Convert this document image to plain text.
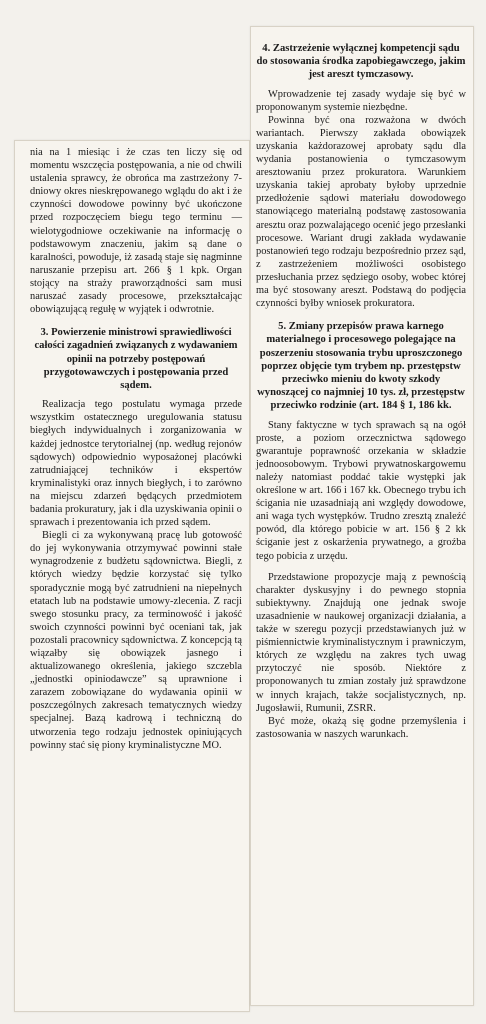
nia na 1 miesiąc i że czas ten liczy się od momentu wszczęcia postępowania, a nie od chwili ustalenia sprawcy, że obrońca ma zastrzeżony 7-dniowy okres nieskrępowanego wglądu do akt i że czynności dowodowe powinny być ukończone przed rozpoczęciem biegu tego terminu — wielotygodniowe oczekiwanie na informację o podstawowym znaczeniu, jakim są dane o karalności, powoduje, iż zasadą staje się nagminne naruszanie przepisu art. 266 § 1 kpk. Organ stojący na straży praworządności sam musi naruszać zasady procesowe, przekształcając obowiązującą regułę w wyjątek i odwrotnie.

3. Powierzenie ministrowi sprawiedliwości całości zagadnień związanych z wydawaniem opinii na potrzeby postępowań przygotowawczych i postępowania przed sądem.

Realizacja tego postulatu wymaga przede wszystkim ostatecznego uregulowania statusu biegłych indywidualnych i zorganizowania w każdej jednostce terytorialnej (np. według rejonów sądowych) odpowiednio wyposażonej placówki zatrudniającej techników i ekspertów kryminalistyki oraz innych biegłych, i to zarówno na miejscu zdarzeń będących przedmiotem badania prokuratury, jak i dla uzyskiwania opinii o sprawach i prezentowania ich przed sądem.

Biegli ci za wykonywaną pracę lub gotowość do jej wykonywania otrzymywać powinni stałe wynagrodzenie z budżetu sądownictwa. Biegli, z których wiedzy będzie korzystać się tylko sporadycznie mogą być zatrudnieni na niepełnych etatach lub na podstawie umowy-zlecenia. Z racji swego stosunku pracy, za terminowość i jakość swoich czynności powinni być oceniani tak, jak pozostali pracownicy sądownictwa. Z koncepcją tą wiązałby się obowiązek jasnego i aktualizowanego określenia, jakiego szczebla „jednostki opiniodawcze” są uprawnione i zarazem zobowiązane do wydawania opinii w poszczególnych zakresach tematycznych wiedzy specjalnej. Bazą kadrową i techniczną do utworzenia tego rodzaju jednostek opiniujących powinny stać się piony kryminalistyczne MO.

4. Zastrzeżenie wyłącznej kompetencji sądu do stosowania środka zapobiegawczego, jakim jest areszt tymczasowy.

Wprowadzenie tej zasady wydaje się być w proponowanym systemie niezbędne.

Powinna być ona rozważona w dwóch wariantach. Pierwszy zakłada obowiązek uzyskania każdorazowej aprobaty sądu dla wydania postanowienia o tymczasowym aresztowaniu przez prokuratora. Warunkiem uzyskania takiej aprobaty byłoby uprzednie przedłożenie sądowi materiału dowodowego stanowiącego materialną podstawę zastosowania aresztu oraz pozwalającego ocenić jego przesłanki procesowe. Wariant drugi zakłada wydawanie postanowień tego rodzaju bezpośrednio przez sąd, z zastrzeżeniem możliwości osobistego przesłuchania przez sędziego osoby, wobec której ma być stosowany areszt. Podstawą do podjęcia czynności byłby wniosek prokuratora.

5. Zmiany przepisów prawa karnego materialnego i procesowego polegające na poszerzeniu stosowania trybu uproszczonego poprzez objęcie tym trybem np. przestępstw przeciwko mieniu do kwoty szkody wynoszącej co najmniej 10 tys. zł, przestępstw przeciwko rodzinie (art. 184 § 1, 186 kk.

Stany faktyczne w tych sprawach są na ogół proste, a poziom orzecznictwa sądowego gwarantuje poprawność orzekania w składzie jednoosobowym. Trybowi prywatnoskargowemu należy natomiast poddać takie występki jak określone w art. 166 i 167 kk. Obecnego trybu ich ścigania nie uzasadniają ani względy dowodowe, ani waga tych występków. Trudno zresztą znaleźć powód, dla którego pobicie w art. 156 § 2 kk ściganie jest z oskarżenia prywatnego, a groźba tego pobicia z urzędu.

Przedstawione propozycje mają z pewnością charakter dyskusyjny i do pewnego stopnia subiektywny. Znajdują one jednak swoje uzasadnienie w naukowej organizacji działania, a także w szeregu pozycji przedstawianych już w piśmiennictwie kryminalistycznym i prawniczym, których ze względu na zakres tych uwag przytoczyć nie sposób. Niektóre z proponowanych tu zmian zostały już sprawdzone w innych krajach, także socjalistycznych, np. Jugosławii, Rumunii, ZSRR.

Być może, okażą się godne przemyślenia i zastosowania w naszych warunkach.
